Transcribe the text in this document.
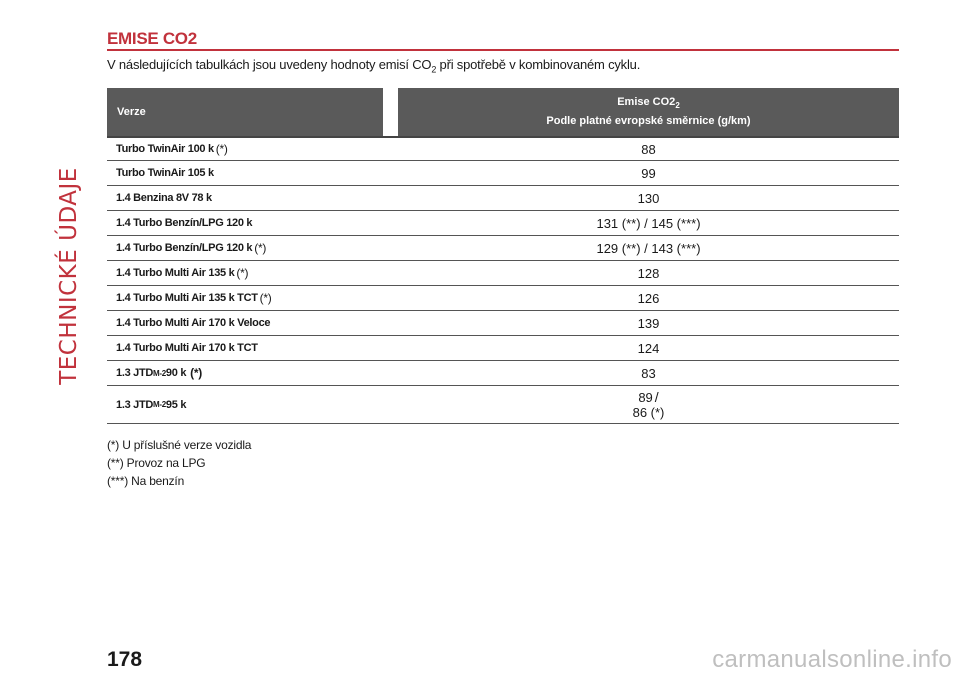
TECHNICKÉ ÚDAJE
EMISE CO2
V následujících tabulkách jsou uvedeny hodnoty emisí $CO_2$ při spotřebě v kombinovaném cyklu.
Verze
Emise $CO2_2$
Podle platné evropské směrnice (g/km)
Turbo TwinAir 100 k (*)	88
Turbo TwinAir 105 k	99
1.4 Benzina 8V 78 k	130
1.4 Turbo Benzín/LPG 120 k	131 (**) / 145 (***)
1.4 Turbo Benzín/LPG 120 k (*)	129 (**) / 143 (***)
1.4 Turbo Multi Air 135 k (*)	128
1.4 Turbo Multi Air 135 k TCT (*)	126
1.4 Turbo Multi Air 170 k Veloce	139
1.4 Turbo Multi Air 170 k TCT	124
1.3 JTD M-2 90 k (*)	83
1.3 JTD M-2 95 k	89 /
86 (*)
(*) U příslušné verze vozidla
(**) Provoz na LPG
(***) Na benzín
178	carmanualsonline.info
